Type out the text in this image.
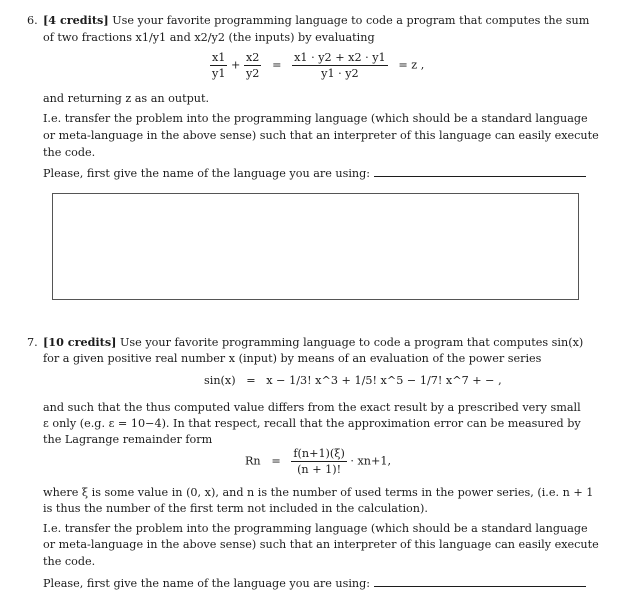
6. [4 credits] Use your favorite programming language to code a program that computes the sum
of two fractions x1/y1 and x2/y2 (the inputs) by evaluating
$\frac{x1}{y1} + \frac{x2}{y2} = \frac{x1 \cdot y2 + x2 \cdot y1}{y1 \cdot y2} = z$ ,
and returning z as an output.
I.e. transfer the problem into the programming language (which should be a standard language
or meta-language in the above sense) such that an interpreter of this language can easily execute
the code.
Please, first give the name of the language you are using:
7. [10 credits] Use your favorite programming language to code a program that computes sin(x)
for a given positive real number x (input) by means of an evaluation of the power series
sin(x) = x − 1/3! x^3 + 1/5! x^5 − 1/7! x^7 + − ,
and such that the thus computed value differs from the exact result by a prescribed very small
ε only (e.g. ε = 10−4). In that respect, recall that the approximation error can be measured by
the Lagrange remainder form
$Rn = \frac{f(n+1)(\xi)}{(n + 1)!} \cdot xn+1$,
where ξ is some value in (0, x), and n is the number of used terms in the power series, (i.e. n + 1
is thus the number of the first term not included in the calculation).
I.e. transfer the problem into the programming language (which should be a standard language
or meta-language in the above sense) such that an interpreter of this language can easily execute
the code.
Please, first give the name of the language you are using:
